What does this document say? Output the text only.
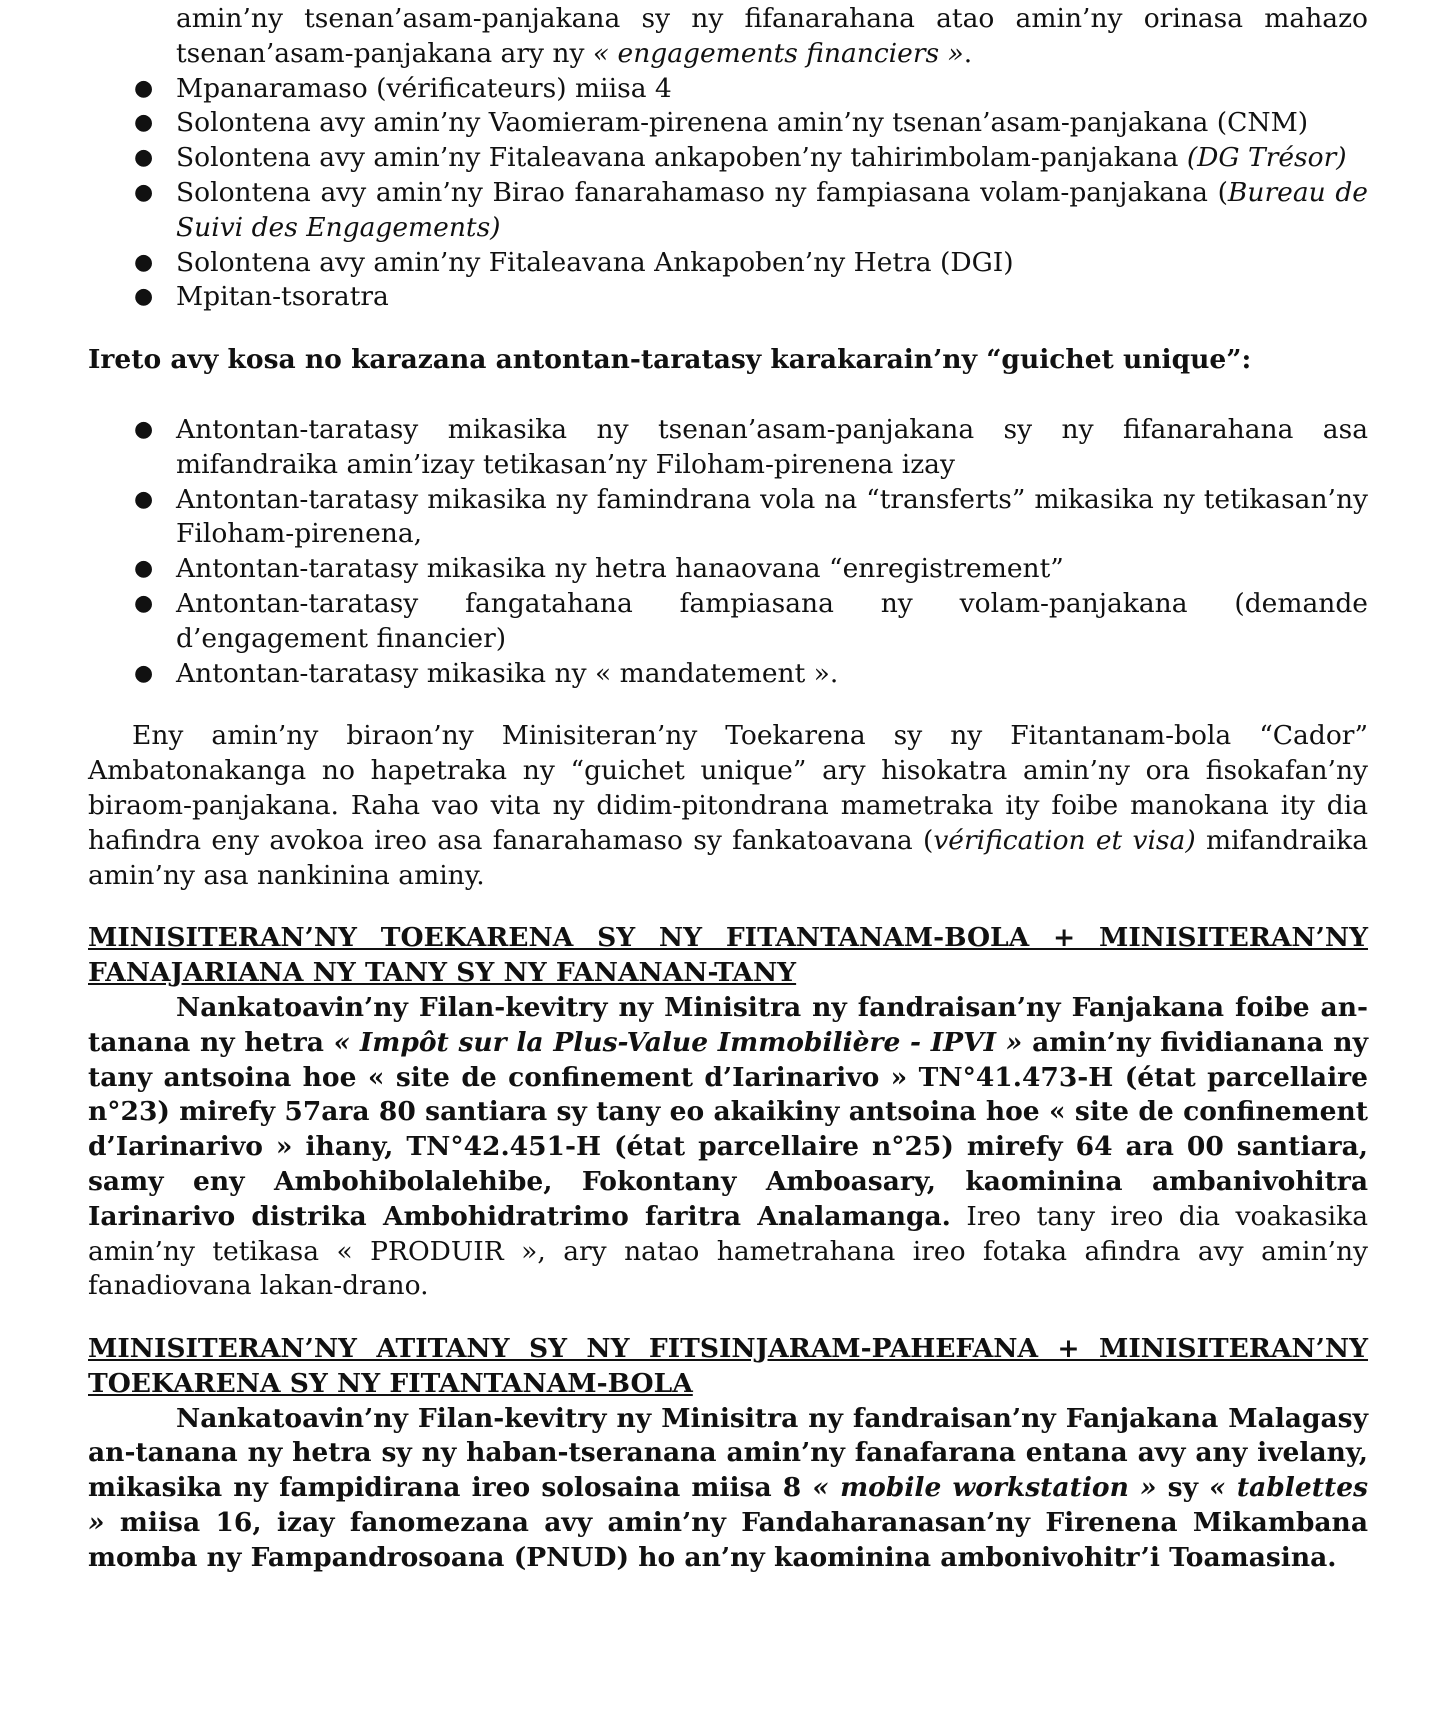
amin’ny tsenan’asam-panjakana sy ny fifanarahana atao amin’ny orinasa mahazo tsenan’asam-panjakana ary ny « engagements financiers ».

● Mpanaramaso (vérificateurs) miisa 4
● Solontena avy amin’ny Vaomieram-pirenena amin’ny tsenan’asam-panjakana (CNM)
● Solontena avy amin’ny Fitaleavana ankapoben’ny tahirimbolam-panjakana (DG Trésor)
● Solontena avy amin’ny Birao fanarahamaso ny fampiasana volam-panjakana (Bureau de Suivi des Engagements)
● Solontena avy amin’ny Fitaleavana Ankapoben’ny Hetra (DGI)
● Mpitan-tsoratra

Ireto avy kosa no karazana antontan-taratasy karakarain’ny “guichet unique”:

● Antontan-taratasy mikasika ny tsenan’asam-panjakana sy ny fifanarahana asa mifandraika amin’izay tetikasan’ny Filoham-pirenena izay
● Antontan-taratasy mikasika ny famindrana vola na “transferts” mikasika ny tetikasan’ny Filoham-pirenena,
● Antontan-taratasy mikasika ny hetra hanaovana “enregistrement”
● Antontan-taratasy fangatahana fampiasana ny volam-panjakana (demande d’engagement financier)
● Antontan-taratasy mikasika ny « mandatement ».

Eny amin’ny biraon’ny Minisiteran’ny Toekarena sy ny Fitantanam-bola “Cador” Ambatonakanga no hapetraka ny “guichet unique” ary hisokatra amin’ny ora fisokafan’ny biraom-panjakana. Raha vao vita ny didim-pitondrana mametraka ity foibe manokana ity dia hafindra eny avokoa ireo asa fanarahamaso sy fankatoavana (vérification et visa) mifandraika amin’ny asa nankinina aminy.

MINISITERAN’NY TOEKARENA SY NY FITANTANAM-BOLA + MINISITERAN’NY
FANAJARIANA NY TANY SY NY FANANAN-TANY

Nankatoavin’ny Filan-kevitry ny Minisitra ny fandraisan’ny Fanjakana foibe an-tanana ny hetra « Impôt sur la Plus-Value Immobilière - IPVI » amin’ny fividianana ny tany antsoina hoe « site de confinement d’Iarinarivo » TN°41.473-H (état parcellaire n°23) mirefy 57ara 80 santiara sy tany eo akaikiny antsoina hoe « site de confinement d’Iarinarivo » ihany, TN°42.451-H (état parcellaire n°25) mirefy 64 ara 00 santiara, samy eny Ambohibolalehibe, Fokontany Amboasary, kaominina ambanivohitra Iarinarivo distrika Ambohidratrimo faritra Analamanga. Ireo tany ireo dia voakasika amin’ny tetikasa « PRODUIR », ary natao hametrahana ireo fotaka afindra avy amin’ny fanadiovana lakan-drano.

MINISITERAN’NY ATITANY SY NY FITSINJARAM-PAHEFANA + MINISITERAN’NY
TOEKARENA SY NY FITANTANAM-BOLA

Nankatoavin’ny Filan-kevitry ny Minisitra ny fandraisan’ny Fanjakana Malagasy an-tanana ny hetra sy ny haban-tseranana amin’ny fanafarana entana avy any ivelany, mikasika ny fampidirana ireo solosaina miisa 8 « mobile workstation » sy « tablettes » miisa 16, izay fanomezana avy amin’ny Fandaharanasan’ny Firenena Mikambana momba ny Fampandrosoana (PNUD) ho an’ny kaominina ambonivohitr’i Toamasina.
